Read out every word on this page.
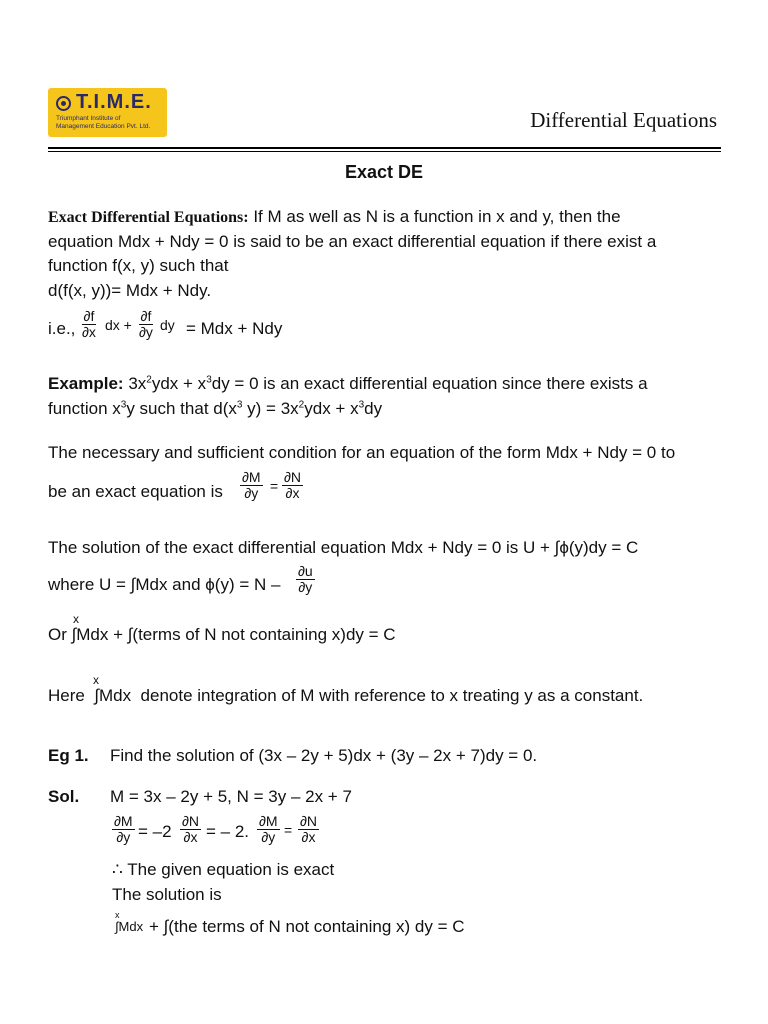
T.I.M.E.
Triumphant Institute of
Management Education Pvt. Ltd.	Differential Equations
Exact DE
Exact Differential Equations: If M as well as N is a function in x and y, then the
equation Mdx + Ndy = 0 is said to be an exact differential equation if there exist a
function f(x, y) such that
d(f(x, y))= Mdx + Ndy.
i.e., $\frac{\partial f}{\partial x}$ dx + $\frac{\partial f}{\partial y}$ dy = Mdx + Ndy
Example: $3x^2ydx + x^3dy = 0$ is an exact differential equation since there exists a
function $x^3y$ such that $d(x^3$ $y) = 3x^2ydx + x^3dy$
The necessary and sufficient condition for an equation of the form Mdx + Ndy = 0 to
be an exact equation is $\frac{\partial M}{\partial y} = \frac{\partial N}{\partial x}$
The solution of the exact differential equation Mdx + Ndy = 0 is U + ∫ϕ(y)dy = C
where U = ∫Mdx and $\phi(y) = N - \frac{\partial u}{\partial y}$
x
Or ∫Mdx + ∫(terms of N not containing x)dy = C
x
Here ∫Mdx denote integration of M with reference to x treating y as a constant.
Eg 1. Find the solution of (3x – 2y + 5)dx + (3y – 2x + 7)dy = 0.
Sol. M = 3x – 2y + 5, N = 3y – 2x + 7
$\frac{\partial M}{\partial y} = -2 \frac{\partial N}{\partial x}$ = – 2. $\frac{\partial M}{\partial y} = \frac{\partial N}{\partial x}$
∴ The given equation is exact
The solution is
x
∫Mdx + ∫(the terms of N not containing x) dy = C
